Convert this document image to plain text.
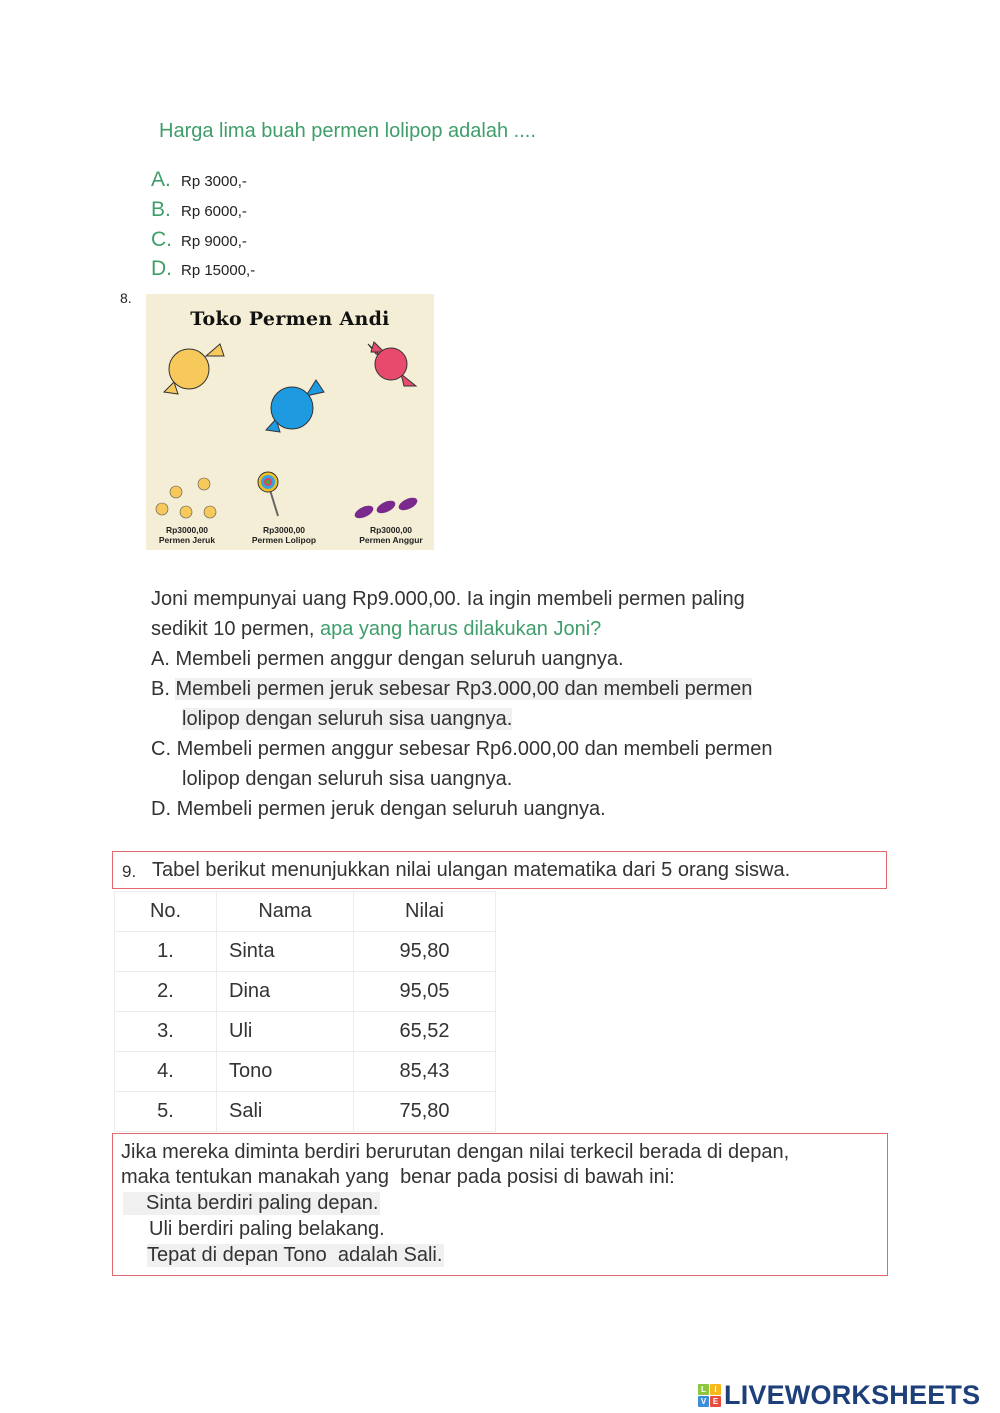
Harga lima buah permen lolipop adalah ....
A. Rp 3000,-
B. Rp 6000,-
C. Rp 9000,-
D. Rp 15000,-
8.
Toko Permen Andi
Rp3000,00
Permen Jeruk
Rp3000,00
Permen Lolipop
Rp3000,00
Permen Anggur
Joni mempunyai uang Rp9.000,00. Ia ingin membeli permen paling
sedikit 10 permen, apa yang harus dilakukan Joni?
A. Membeli permen anggur dengan seluruh uangnya.
B. Membeli permen jeruk sebesar Rp3.000,00 dan membeli permen
lolipop dengan seluruh sisa uangnya.
C. Membeli permen anggur sebesar Rp6.000,00 dan membeli permen
lolipop dengan seluruh sisa uangnya.
D. Membeli permen jeruk dengan seluruh uangnya.
9. Tabel berikut menunjukkan nilai ulangan matematika dari 5 orang siswa.
No.	Nama	Nilai
1.	Sinta	95,80
2.	Dina	95,05
3.	Uli	65,52
4.	Tono	85,43
5.	Sali	75,80
Jika mereka diminta berdiri berurutan dengan nilai terkecil berada di depan,
maka tentukan manakah yang  benar pada posisi di bawah ini:
Sinta berdiri paling depan.
Uli berdiri paling belakang.
Tepat di depan Tono  adalah Sali.
L	I
V E LIVEWORKSHEETS
